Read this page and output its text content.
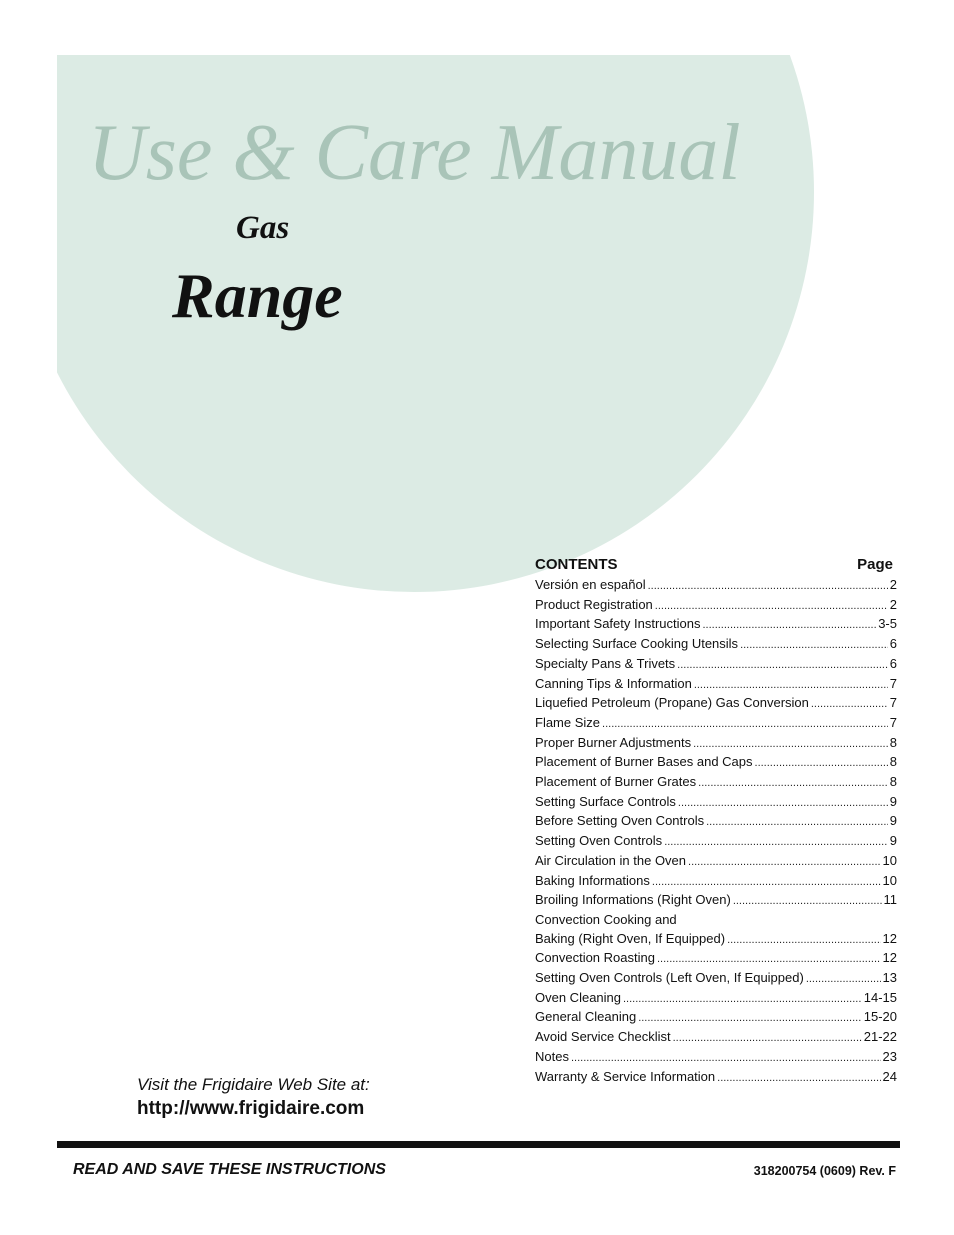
Use & Care Manual
Gas
Range
CONTENTS	Page
Versión en español .....	2
Product Registration .....	2
Important Safety Instructions .....	3-5
Selecting Surface Cooking Utensils .....	6
Specialty Pans & Trivets .....	6
Canning Tips & Information .....	7
Liquefied Petroleum (Propane) Gas Conversion .....	7
Flame Size .....	7
Proper Burner Adjustments .....	8
Placement of Burner Bases and Caps .....	8
Placement of Burner Grates .....	8
Setting Surface Controls .....	9
Before Setting Oven Controls .....	9
Setting Oven Controls .....	9
Air Circulation in the Oven .....	10
Baking Informations .....	10
Broiling Informations (Right Oven) .....	11
Convection Cooking and
Baking (Right Oven, If Equipped) .....	12
Convection Roasting .....	12
Setting Oven Controls (Left Oven, If Equipped) .....	13
Oven Cleaning .....	14-15
General Cleaning .....	15-20
Avoid Service Checklist .....	21-22
Notes .....	23
Warranty & Service Information .....	24
Visit the Frigidaire Web Site at:
http://www.frigidaire.com
READ AND SAVE THESE INSTRUCTIONS	318200754 (0609) Rev. F
